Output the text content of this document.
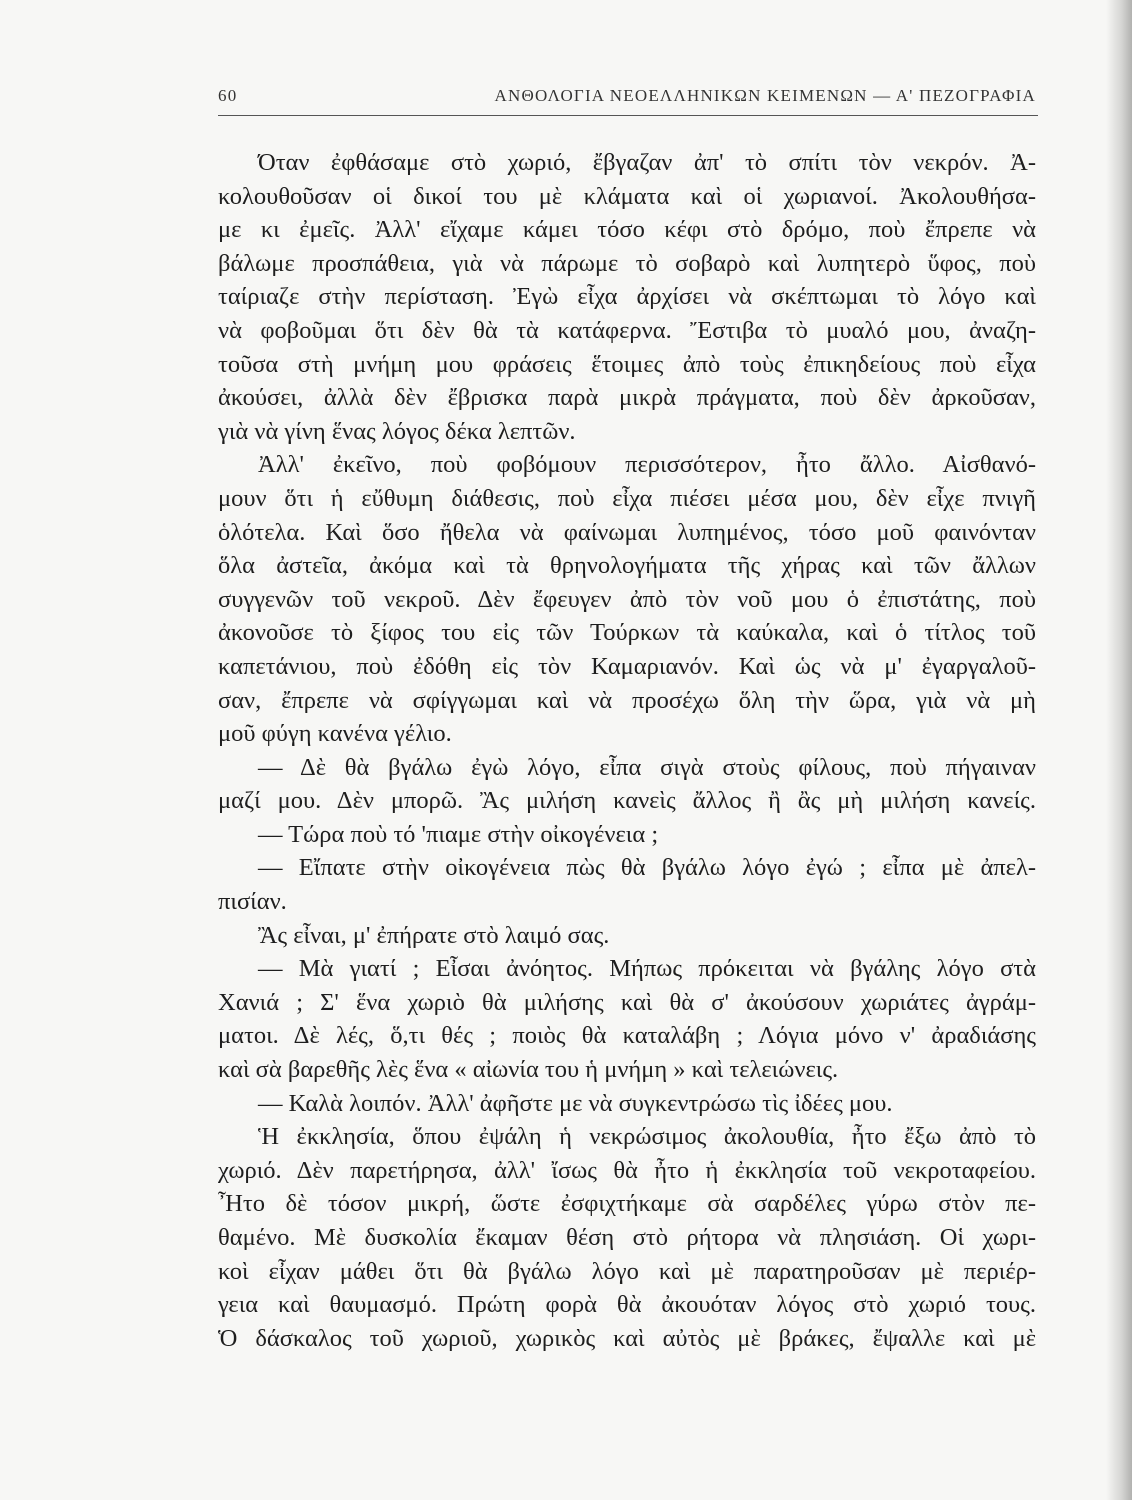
60	ΑΝΘΟΛΟΓΙΑ ΝΕΟΕΛΛΗΝΙΚΩΝ ΚΕΙΜΕΝΩΝ — Α' ΠΕΖΟΓΡΑΦΙΑ
Όταν ἐφθάσαμε στὸ χωριό, ἔβγαζαν ἀπ' τὸ σπίτι τὸν νεκρόν. Ἀ-
κολουθοῦσαν οἱ δικοί του μὲ κλάματα καὶ οἱ χωριανοί. Ἀκολουθήσα-
με κι ἐμεῖς. Ἀλλ' εἴχαμε κάμει τόσο κέφι στὸ δρόμο, ποὺ ἔπρεπε νὰ
βάλωμε προσπάθεια, γιὰ νὰ πάρωμε τὸ σοβαρὸ καὶ λυπητερὸ ὕφος, ποὺ
ταίριαζε στὴν περίσταση. Ἐγὼ εἶχα ἀρχίσει νὰ σκέπτωμαι τὸ λόγο καὶ
νὰ φοβοῦμαι ὅτι δὲν θὰ τὰ κατάφερνα. Ἔστιβα τὸ μυαλό μου, ἀναζη-
τοῦσα στὴ μνήμη μου φράσεις ἕτοιμες ἀπὸ τοὺς ἐπικηδείους ποὺ εἶχα
ἀκούσει, ἀλλὰ δὲν ἔβρισκα παρὰ μικρὰ πράγματα, ποὺ δὲν ἀρκοῦσαν,
γιὰ νὰ γίνη ἕνας λόγος δέκα λεπτῶν.
Ἀλλ' ἐκεῖνο, ποὺ φοβόμουν περισσότερον, ἦτο ἄλλο. Αἰσθανό-
μουν ὅτι ἡ εὔθυμη διάθεσις, ποὺ εἶχα πιέσει μέσα μου, δὲν εἶχε πνιγῆ
ὁλότελα. Καὶ ὅσο ἤθελα νὰ φαίνωμαι λυπημένος, τόσο μοῦ φαινόνταν
ὅλα ἀστεῖα, ἀκόμα καὶ τὰ θρηνολογήματα τῆς χήρας καὶ τῶν ἄλλων
συγγενῶν τοῦ νεκροῦ. Δὲν ἔφευγεν ἀπὸ τὸν νοῦ μου ὁ ἐπιστάτης, ποὺ
ἀκονοῦσε τὸ ξίφος του εἰς τῶν Τούρκων τὰ καύκαλα, καὶ ὁ τίτλος τοῦ
καπετάνιου, ποὺ ἐδόθη εἰς τὸν Καμαριανόν. Καὶ ὡς νὰ μ' ἐγαργαλοῦ-
σαν, ἔπρεπε νὰ σφίγγωμαι καὶ νὰ προσέχω ὅλη τὴν ὥρα, γιὰ νὰ μὴ
μοῦ φύγη κανένα γέλιο.
— Δὲ θὰ βγάλω ἐγὼ λόγο, εἶπα σιγὰ στοὺς φίλους, ποὺ πήγαιναν
μαζί μου. Δὲν μπορῶ. Ἂς μιλήση κανεὶς ἄλλος ἢ ἂς μὴ μιλήση κανείς.
— Τώρα ποὺ τό 'πιαμε στὴν οἰκογένεια ;
— Εἴπατε στὴν οἰκογένεια πὼς θὰ βγάλω λόγο ἐγώ ; εἶπα μὲ ἀπελ-
πισίαν.
Ἂς εἶναι, μ' ἐπήρατε στὸ λαιμό σας.
— Μὰ γιατί ; Εἶσαι ἀνόητος. Μήπως πρόκειται νὰ βγάλης λόγο στὰ
Χανιά ; Σ' ἕνα χωριὸ θὰ μιλήσης καὶ θὰ σ' ἀκούσουν χωριάτες ἀγράμ-
ματοι. Δὲ λές, ὅ,τι θές ; ποιὸς θὰ καταλάβη ; Λόγια μόνο ν' ἀραδιάσης
καὶ σὰ βαρεθῆς λὲς ἕνα « αἰωνία του ἡ μνήμη » καὶ τελειώνεις.
— Καλὰ λοιπόν. Ἀλλ' ἀφῆστε με νὰ συγκεντρώσω τὶς ἰδέες μου.
Ἡ ἐκκλησία, ὅπου ἐψάλη ἡ νεκρώσιμος ἀκολουθία, ἦτο ἔξω ἀπὸ τὸ
χωριό. Δὲν παρετήρησα, ἀλλ' ἴσως θὰ ἦτο ἡ ἐκκλησία τοῦ νεκροταφείου.
Ἦτο δὲ τόσον μικρή, ὥστε ἐσφιχτήκαμε σὰ σαρδέλες γύρω στὸν πε-
θαμένο. Μὲ δυσκολία ἔκαμαν θέση στὸ ρήτορα νὰ πλησιάση. Οἱ χωρι-
κοὶ εἶχαν μάθει ὅτι θὰ βγάλω λόγο καὶ μὲ παρατηροῦσαν μὲ περιέρ-
γεια καὶ θαυμασμό. Πρώτη φορὰ θὰ ἀκουόταν λόγος στὸ χωριό τους.
Ὁ δάσκαλος τοῦ χωριοῦ, χωρικὸς καὶ αὐτὸς μὲ βράκες, ἔψαλλε καὶ μὲ
